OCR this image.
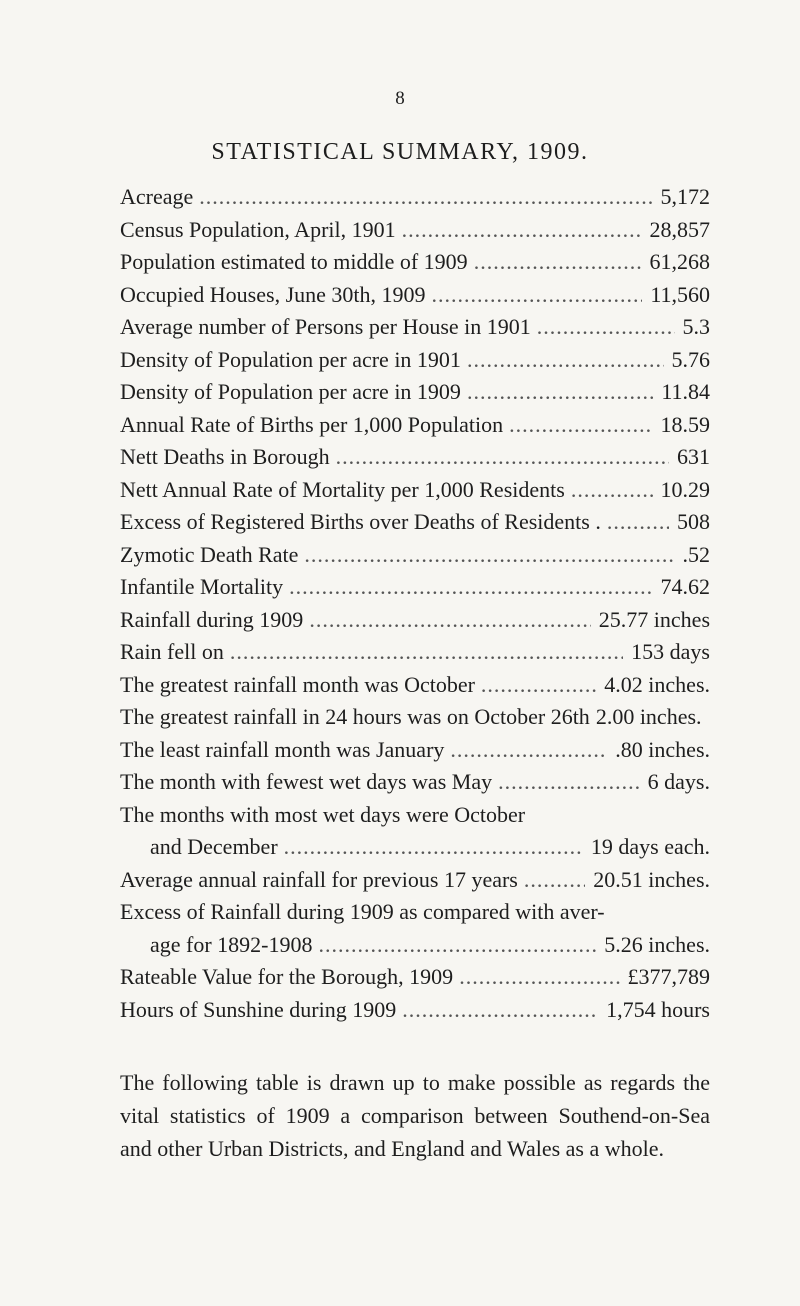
8
STATISTICAL SUMMARY, 1909.
Acreage .....	5,172
Census Population, April, 1901 .....	28,857
Population estimated to middle of 1909 .....	61,268
Occupied Houses, June 30th, 1909 .....	11,560
Average number of Persons per House in 1901 .....	5.3
Density of Population per acre in 1901 .....	5.76
Density of Population per acre in 1909 .....	11.84
Annual Rate of Births per 1,000 Population .....	18.59
Nett Deaths in Borough .....	631
Nett Annual Rate of Mortality per 1,000 Residents .....	10.29
Excess of Registered Births over Deaths of Residents . .....	508
Zymotic Death Rate .....	.52
Infantile Mortality .....	74.62
Rainfall during 1909 .....	25.77 inches
Rain fell on .....	153 days
The greatest rainfall month was October .....	4.02 inches.
The greatest rainfall in 24 hours was on October 26th 2.00 inches.
The least rainfall month was January .....	.80 inches.
The month with fewest wet days was May .....	6 days.
The months with most wet days were October
and December .....	19 days each.
Average annual rainfall for previous 17 years .....	20.51 inches.
Excess of Rainfall during 1909 as compared with aver-
age for 1892-1908 .....	5.26 inches.
Rateable Value for the Borough, 1909 .....	£377,789
Hours of Sunshine during 1909 .....	1,754 hours

The following table is drawn up to make possible as regards the vital statistics of 1909 a comparison between Southend-on-Sea and other Urban Districts, and England and Wales as a whole.
